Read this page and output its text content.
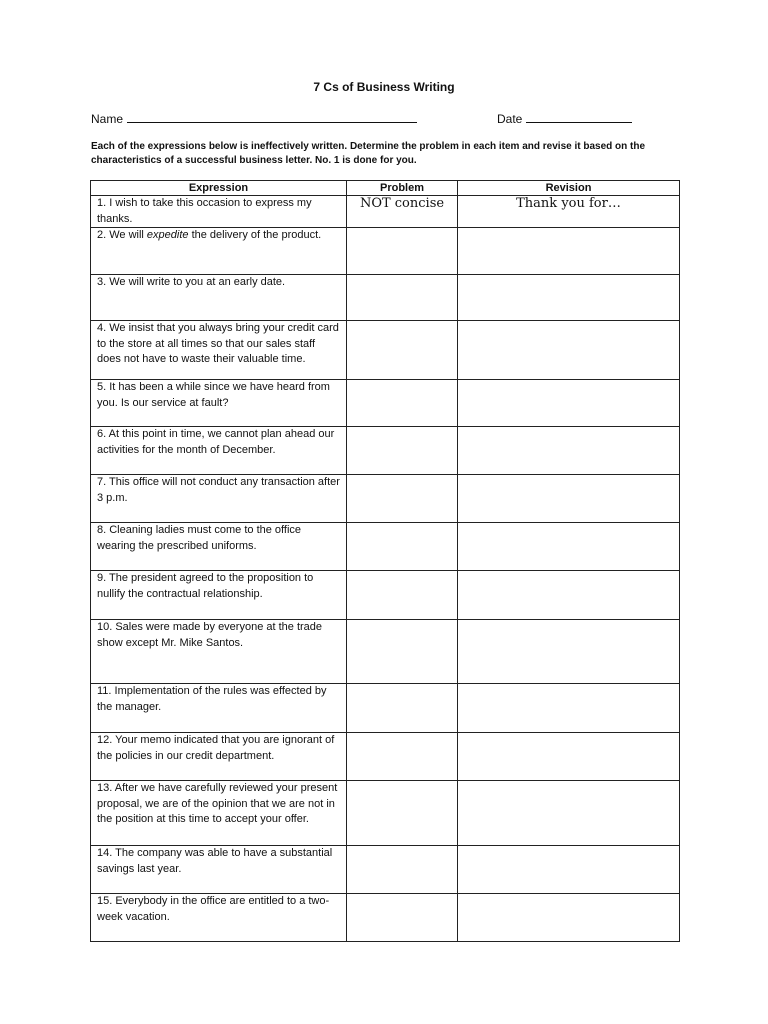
7 Cs of Business Writing
Name	Date
Each of the expressions below is ineffectively written. Determine the problem in each item and revise it based on the characteristics of a successful business letter. No. 1 is done for you.
Expression	Problem	Revision
1. I wish to take this occasion to express my thanks.	NOT concise	Thank you for…
2. We will expedite the delivery of the product.		
3. We will write to you at an early date.		
4. We insist that you always bring your credit card to the store at all times so that our sales staff does not have to waste their valuable time.		
5. It has been a while since we have heard from you. Is our service at fault?		
6. At this point in time, we cannot plan ahead our activities for the month of December.		
7. This office will not conduct any transaction after 3 p.m.		
8. Cleaning ladies must come to the office wearing the prescribed uniforms.		
9. The president agreed to the proposition to nullify the contractual relationship.		
10. Sales were made by everyone at the trade show except Mr. Mike Santos.		
11. Implementation of the rules was effected by the manager.		
12. Your memo indicated that you are ignorant of the policies in our credit department.		
13. After we have carefully reviewed your present proposal, we are of the opinion that we are not in the position at this time to accept your offer.		
14. The company was able to have a substantial savings last year.		
15. Everybody in the office are entitled to a two-week vacation.		
